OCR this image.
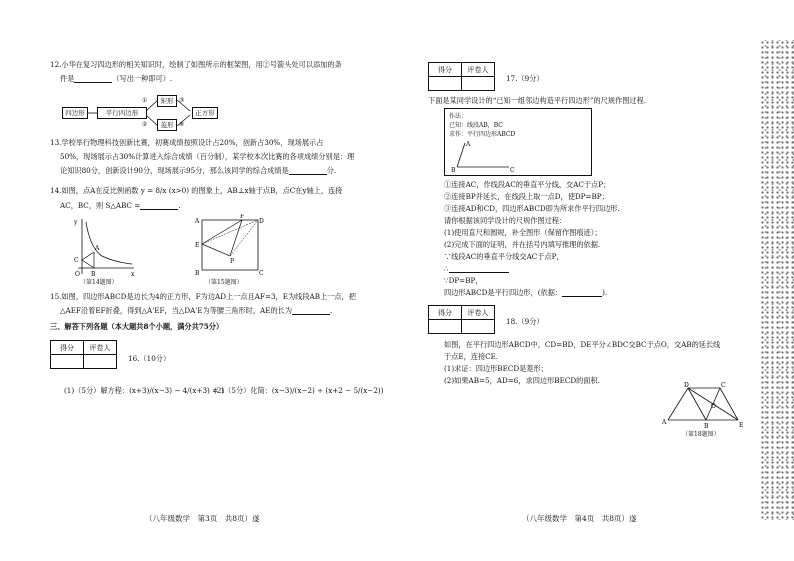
12.小华在复习四边形的相关知识时，绘制了如图所示的框架图，用②号箭头处可以添加的条
件是	（写出一种即可）.
四边形	平行四边形
矩形
菱形
正方形
①
②
③
④
13.学校举行物理科技创新比赛，初赛成绩按照设计占20%，创新占30%，现场展示占
50%，现场展示占30%计算进入综合成绩（百分制），某学校本次比赛的各项成绩分别是：理
论知识80分，创新设计90分，现场展示95分，那么该同学的综合成绩是	分.
14.如图，点A在反比例函数 y = 8/x (x>0) 的图象上，AB⊥x轴于点B，点C在y轴上，连接
AC，BC，则 S△ABC =	.
y
x
A
B
C
O
（第14题图）
A
B	C
D
E
F
P
（第15题图）
15.如图，四边形ABCD是边长为4的正方形，F为边AD上一点且AF=3，E为线段AB上一点，把
△AEF沿着EF折叠，得到△A'EF，当△DA'E为等腰三角形时，AE的长为	.
三、解答下列各题（本大题共8个小题，满分共75分）
得分	评卷人

16.（10分）
(1)（5分）解方程：(x+3)/(x−3) − 4/(x+3) = 1
(2)（5分）化简：(x−3)/(x−2) ÷ (x+2 − 5/(x−2))
（八年级数学　第3页　共8页）遂
得分	评卷人

17.（9分）
下面是某同学设计的“已知一组邻边构造平行四边形”的尺规作图过程.
作法：
已知：线段AB，BC
求作：平行四边形ABCD
A
B	C
①连接AC，作线段AC的垂直平分线，交AC于点P；
②连接BP并延长，在线段上取一点D，使DP=BP；
③连接AD和CD，四边形ABCD即为所求作平行四边形.
请你根据该同学设计的尺规作图过程：
(1)使用直尺和圆规，补全图形（保留作图痕迹）；
(2)完成下面的证明，并在括号内填写推理的依据.
∵线段AC的垂直平分线交AC于点P，
∴
∵DP=BP，
四边形ABCD是平行四边形，(依据：	).
得分	评卷人

18.（9分）
如图，在平行四边形ABCD中，CD=BD，DE平分∠BDC交BC于点O，交AB的延长线
于点E，连接CE.
(1)求证：四边形BECD是菱形；
(2)如果AB=5，AD=6，求四边形BECD的面积.
A
B
C
D
E
O
（第18题图）
（八年级数学　第4页　共8页）遂
